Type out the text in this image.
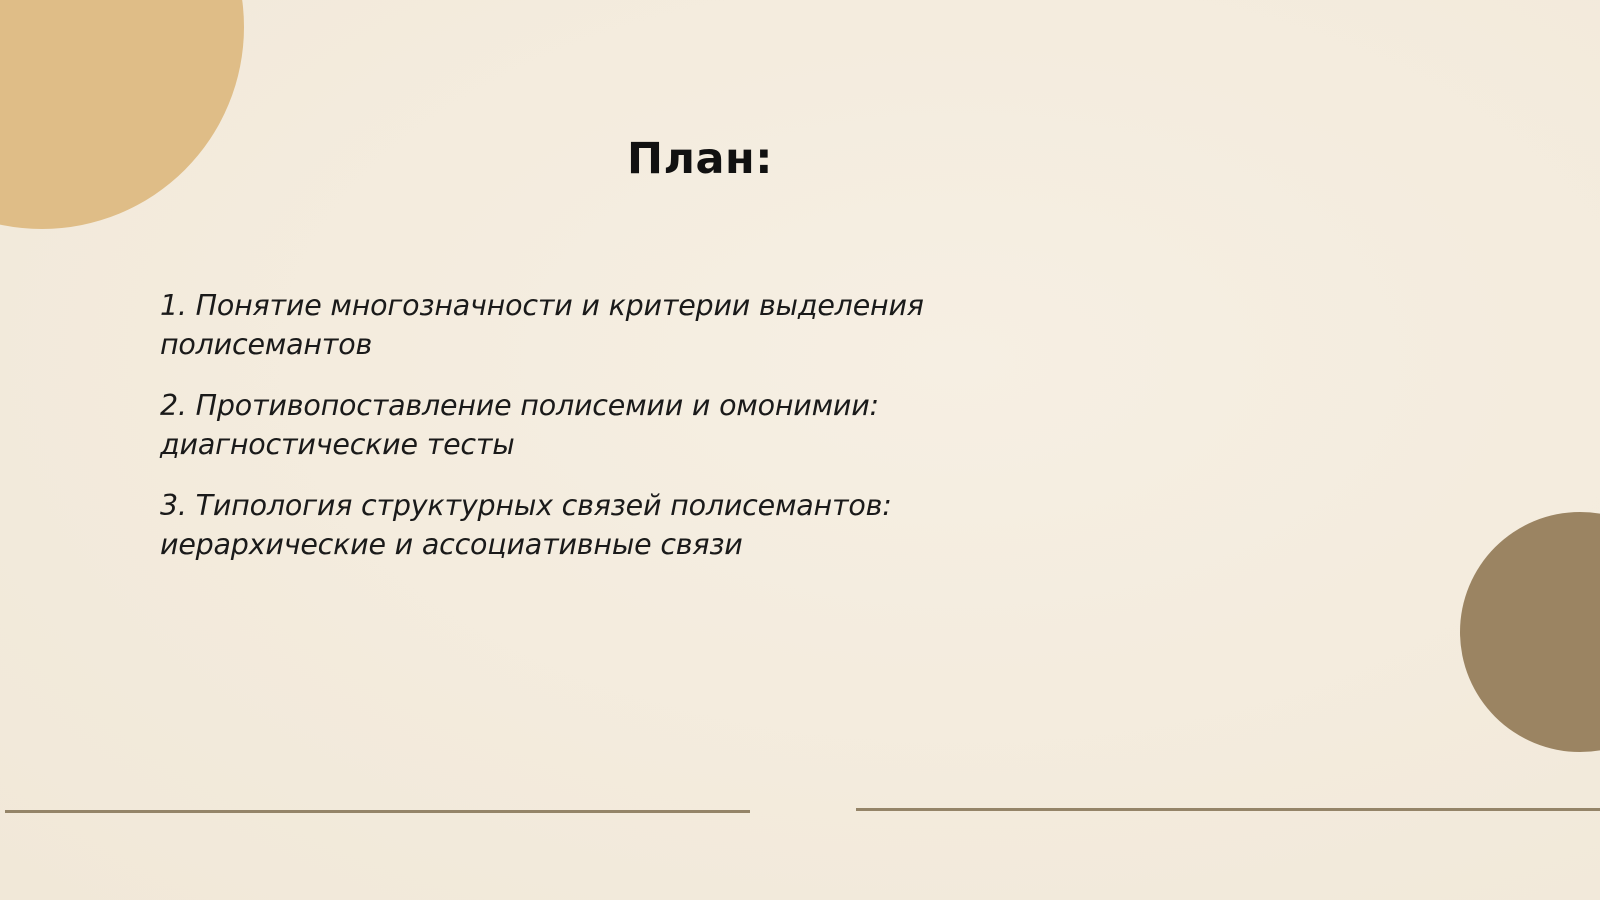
План:
1. Понятие многозначности и критерии выделения полисемантов
2. Противопоставление полисемии и омонимии: диагностические тесты
3. Типология структурных связей полисемантов: иерархические и ассоциативные связи
